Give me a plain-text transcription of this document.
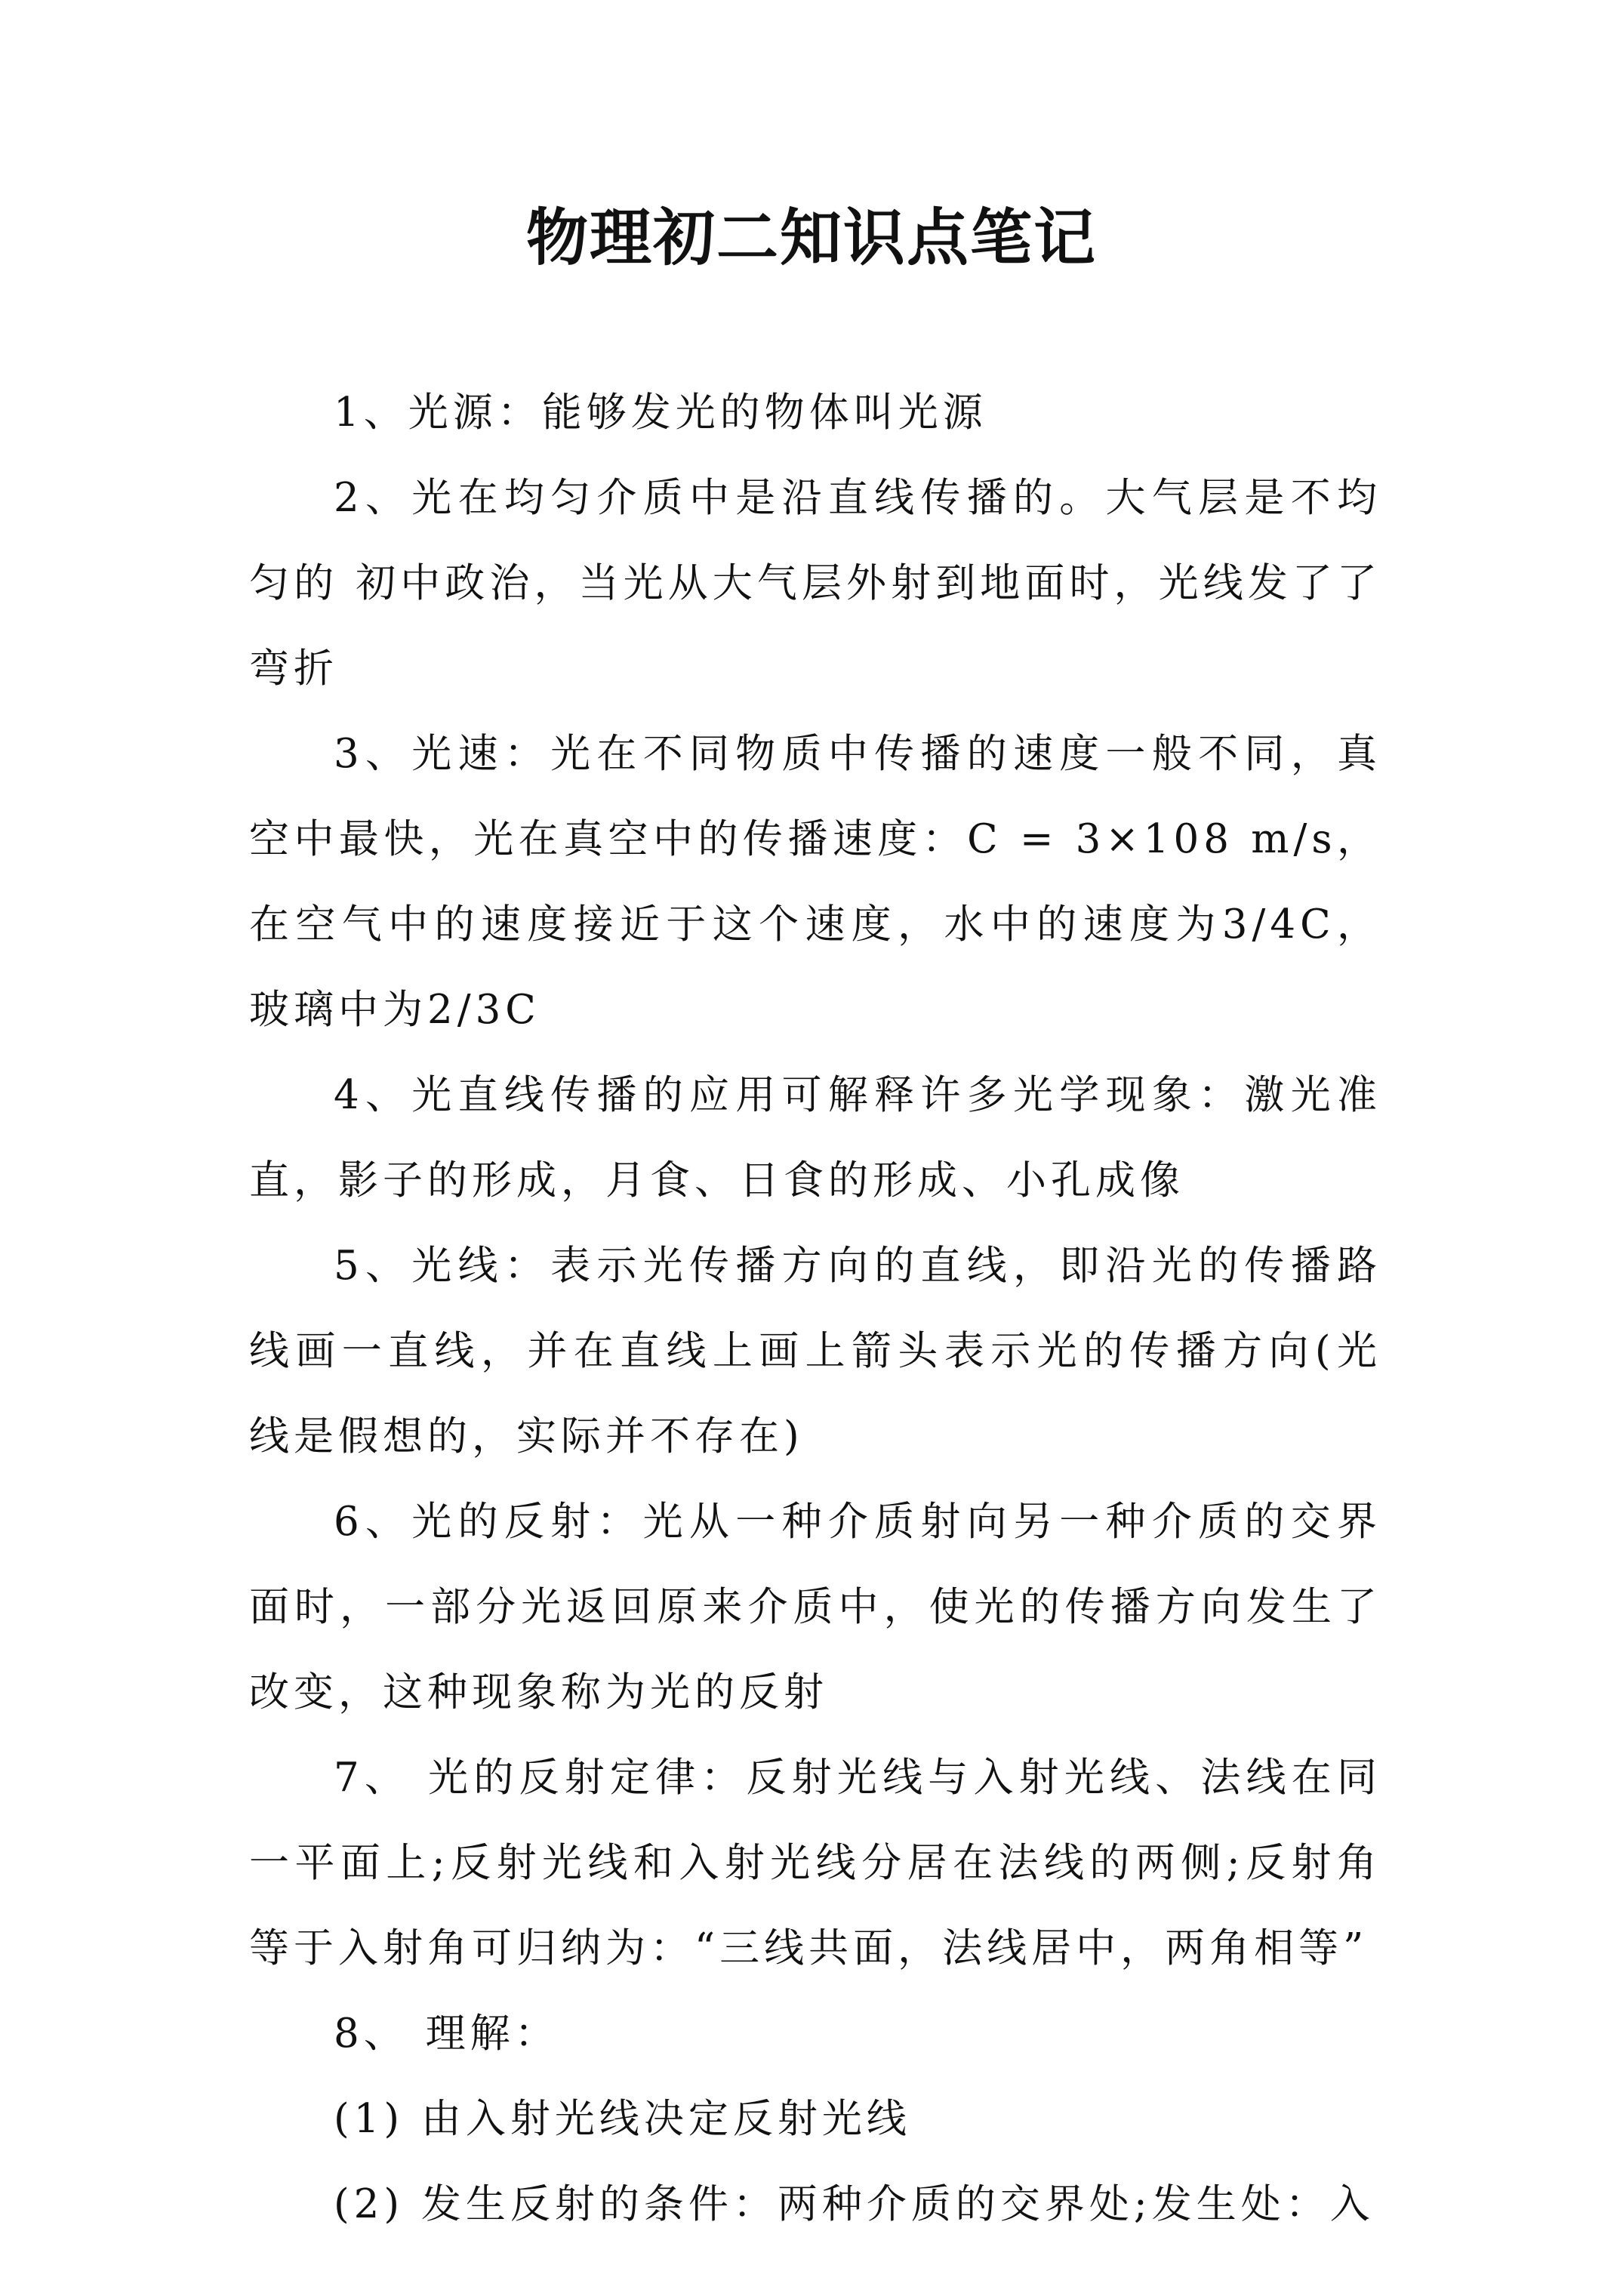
物理初二知识点笔记

1、光源：能够发光的物体叫光源

2、光在均匀介质中是沿直线传播的。大气层是不均匀的 初中政治，当光从大气层外射到地面时，光线发了了弯折

3、光速：光在不同物质中传播的速度一般不同，真空中最快，光在真空中的传播速度：C = 3×108 m/s，在空气中的速度接近于这个速度，水中的速度为3/4C，玻璃中为2/3C

4、光直线传播的应用可解释许多光学现象：激光准直，影子的形成，月食、日食的形成、小孔成像

5、光线：表示光传播方向的直线，即沿光的传播路线画一直线，并在直线上画上箭头表示光的传播方向(光线是假想的，实际并不存在)

6、光的反射：光从一种介质射向另一种介质的交界面时，一部分光返回原来介质中，使光的传播方向发生了改变，这种现象称为光的反射

7、 光的反射定律：反射光线与入射光线、法线在同一平面上;反射光线和入射光线分居在法线的两侧;反射角等于入射角可归纳为：“三线共面，法线居中，两角相等”

8、 理解：

(1) 由入射光线决定反射光线

(2) 发生反射的条件：两种介质的交界处;发生处：入
